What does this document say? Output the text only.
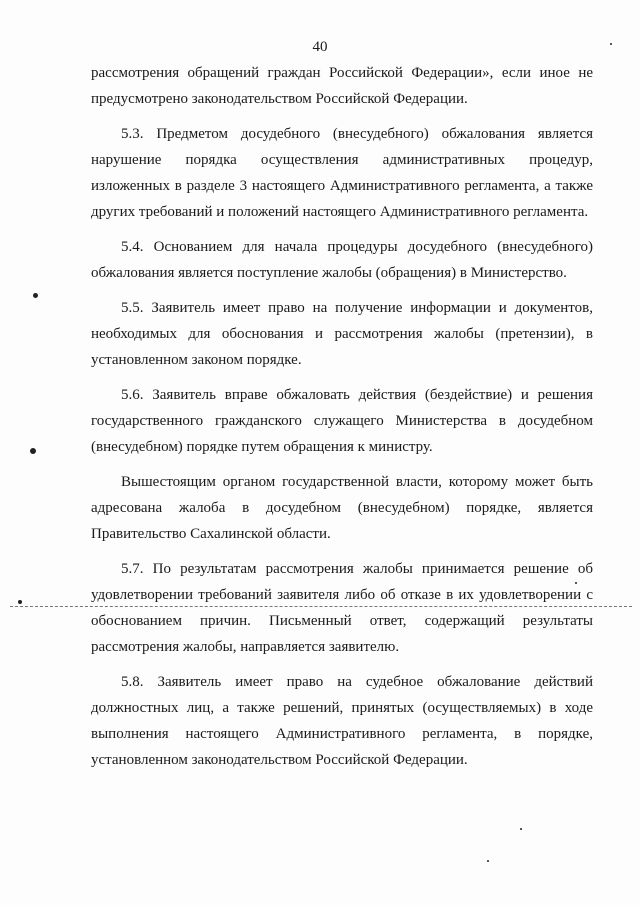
40

рассмотрения обращений граждан Российской Федерации», если иное не предусмотрено законодательством Российской Федерации.

5.3. Предметом досудебного (внесудебного) обжалования является нарушение порядка осуществления административных процедур, изложенных в разделе 3 настоящего Административного регламента, а также других требований и положений настоящего Административного регламента.

5.4. Основанием для начала процедуры досудебного (внесудебного) обжалования является поступление жалобы (обращения) в Министерство.

5.5. Заявитель имеет право на получение информации и документов, необходимых для обоснования и рассмотрения жалобы (претензии), в установленном законом порядке.

5.6. Заявитель вправе обжаловать действия (бездействие) и решения государственного гражданского служащего Министерства в досудебном (внесудебном) порядке путем обращения к министру.

Вышестоящим органом государственной власти, которому может быть адресована жалоба в досудебном (внесудебном) порядке, является Правительство Сахалинской области.

5.7. По результатам рассмотрения жалобы принимается решение об удовлетворении требований заявителя либо об отказе в их удовлетворении с обоснованием причин. Письменный ответ, содержащий результаты рассмотрения жалобы, направляется заявителю.

5.8. Заявитель имеет право на судебное обжалование действий должностных лиц, а также решений, принятых (осуществляемых) в ходе выполнения настоящего Административного регламента, в порядке, установленном законодательством Российской Федерации.
